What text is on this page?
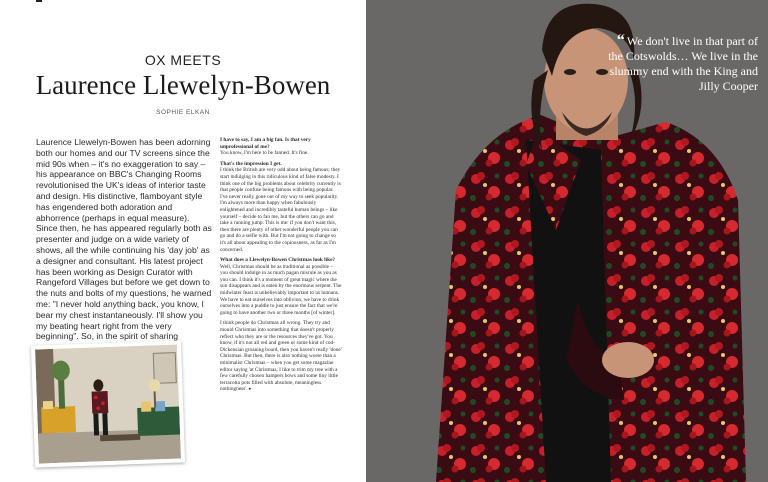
OX MEETS
Laurence Llewelyn-Bowen
SOPHIE ELKAN

Laurence Llewelyn-Bowen has been adorning both our homes and our TV screens since the mid 90s when – it's no exaggeration to say – his appearance on BBC's Changing Rooms revolutionised the UK's ideas of interior taste and design. His distinctive, flamboyant style has engendered both adoration and abhorrence (perhaps in equal measure). Since then, he has appeared regularly both as presenter and judge on a wide variety of shows, all the while continuing his 'day job' as a designer and consultant. His latest project has been working as Design Curator with Rangeford Villages but before we get down to the nuts and bolts of my questions, he warned me: "I never hold anything back, you know, I bear my chest instantaneously. I'll show you my beating heart right from the very beginning". So, in the spirit of sharing

I have to say, I am a big fan. Is that very unprofessional of me?
You know, I'm here to be fanned. It's fine.

That's the impression I get.
I think the British are very odd about being famous; they start indulging in this ridiculous kind of false modesty. I think one of the big problems about celebrity currently is that people confuse being famous with being popular. I've never really gone out of my way to seek popularity. I'm always more than happy when fabulously enlightened and incredibly tasteful human beings – like yourself – decide to fan me, but the others can go and take a running jump. This is me: if you don't want this, then there are plenty of other wonderful people you can go and do a selfie with. But I'm not going to change so it's all about appealing to the copiousness, as far as I'm concerned.

What does a Llewelyn-Bowen Christmas look like?
Well, Christmas should be as traditional as possible – you should indulge in as much pagan misrule as you as you can. I think it's a moment of great magic where the sun disappears and is eaten by the enormous serpent. The midwinter feast is unbelievably important to us humans. We have to eat ourselves into oblivion, we have to drink ourselves into a puddle to just ensure the fact that we're going to have another two or three months [of winter].

I think people do Christmas all wrong. They try and mould Christmas into something that doesn't properly reflect who they are or the resources they've got. You know, if it's not all red and green or some kind of cod-Dickensian groaning board, then you haven't really 'done' Christmas. But then, there is also nothing worse than a minimalist Christmas – when you get some magazine editor saying 'at Christmas, I like to trim my tree with a few carefully chosen hampers bows and some tiny little terracotta pots filled with absolute, meaningless nothingness'. ▸

“ We don't live in that part of the Cotswolds… We live in the slummy end with the King and Jilly Cooper
